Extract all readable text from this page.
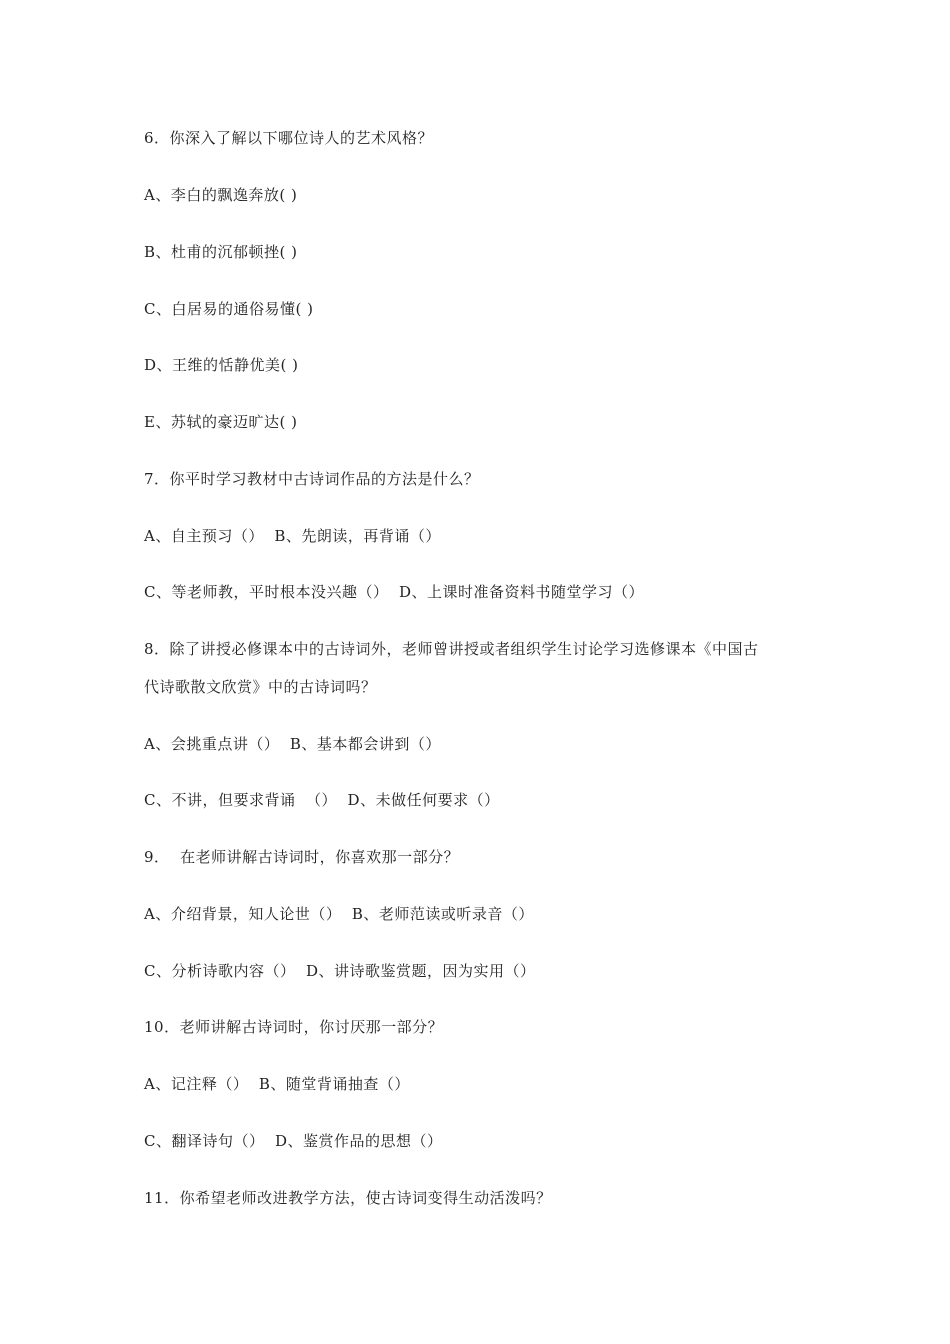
6．你深入了解以下哪位诗人的艺术风格？
A、李白的飘逸奔放( )
B、杜甫的沉郁顿挫( )
C、白居易的通俗易懂( )
D、王维的恬静优美( )
E、苏轼的豪迈旷达( )
7．你平时学习教材中古诗词作品的方法是什么？
A、自主预习（）  B、先朗读，再背诵（）
C、等老师教，平时根本没兴趣（）  D、上课时准备资料书随堂学习（）
8．除了讲授必修课本中的古诗词外，老师曾讲授或者组织学生讨论学习选修课本《中国古
代诗歌散文欣赏》中的古诗词吗？
A、会挑重点讲（）  B、基本都会讲到（）
C、不讲，但要求背诵  （）  D、未做任何要求（）
9．  在老师讲解古诗词时，你喜欢那一部分？
A、介绍背景，知人论世（）  B、老师范读或听录音（）
C、分析诗歌内容（）  D、讲诗歌鉴赏题，因为实用（）
10．老师讲解古诗词时，你讨厌那一部分？
A、记注释（）  B、随堂背诵抽查（）
C、翻译诗句（）  D、鉴赏作品的思想（）
11．你希望老师改进教学方法，使古诗词变得生动活泼吗？
